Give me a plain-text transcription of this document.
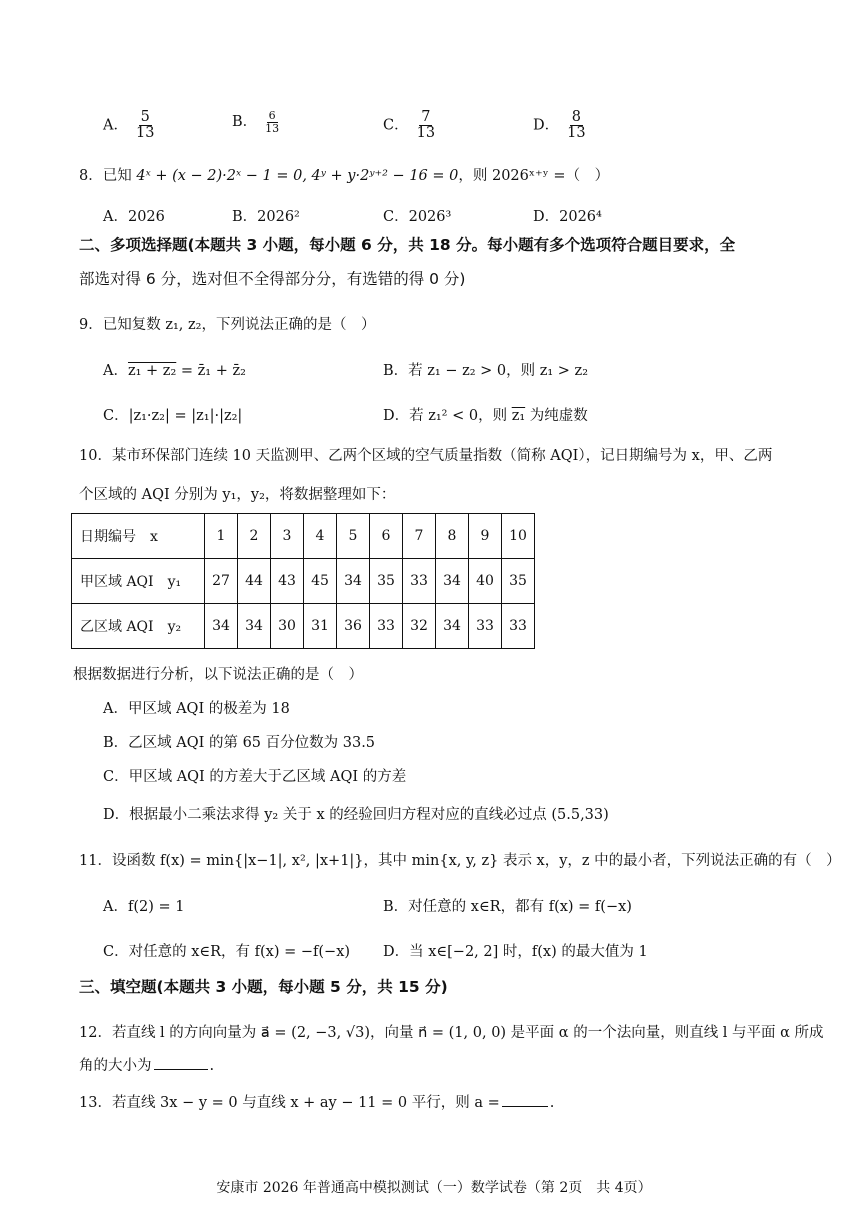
A． $\frac{5}{13}$	B． $\frac{6}{13}$	C． $\frac{7}{13}$	D． $\frac{8}{13}$
8．已知 4ˣ + (x − 2)·2ˣ − 1 = 0, 4ʸ + y·2ʸ⁺² − 16 = 0，则 2026ˣ⁺ʸ =（　）
A．2026	B．2026²	C．2026³	D．2026⁴
二、多项选择题(本题共 3 小题，每小题 6 分，共 18 分。每小题有多个选项符合题目要求，全
部选对得 6 分，选对但不全得部分分，有选错的得 0 分)
9．已知复数 z₁, z₂，下列说法正确的是（　）
A．z₁ + z₂ = z̄₁ + z̄₂	B．若 z₁ − z₂ > 0，则 z₁ > z₂
C．|z₁·z₂| = |z₁|·|z₂|	D．若 z₁² < 0，则 z₁ 为纯虚数
10．某市环保部门连续 10 天监测甲、乙两个区域的空气质量指数（简称 AQI），记日期编号为 x，甲、乙两
个区域的 AQI 分别为 y₁，y₂，将数据整理如下：
日期编号　x	1	2	3	4	5	6	7	8	9	10
甲区域 AQI　y₁	27	44	43	45	34	35	33	34	40	35
乙区域 AQI　y₂	34	34	30	31	36	33	32	34	33	33
根据数据进行分析，以下说法正确的是（　）
A．甲区域 AQI 的极差为 18
B．乙区域 AQI 的第 65 百分位数为 33.5
C．甲区域 AQI 的方差大于乙区域 AQI 的方差
D．根据最小二乘法求得 y₂ 关于 x 的经验回归方程对应的直线必过点 (5.5,33)
11．设函数 f(x) = min{|x−1|, x², |x+1|}，其中 min{x, y, z} 表示 x，y，z 中的最小者，下列说法正确的有（　）
A．f(2) = 1	B．对任意的 x∈R，都有 f(x) = f(−x)
C．对任意的 x∈R，有 f(x) = −f(−x) D．当 x∈[−2, 2] 时，f(x) 的最大值为 1
三、填空题(本题共 3 小题，每小题 5 分，共 15 分)
12．若直线 l 的方向向量为 a⃗ = (2, −3, √3)，向量 n⃗ = (1, 0, 0) 是平面 α 的一个法向量，则直线 l 与平面 α 所成
角的大小为	.
13．若直线 3x − y = 0 与直线 x + ay − 11 = 0 平行，则 a =	.
安康市 2026 年普通高中模拟测试（一）数学试卷（第 2页　共 4页）
